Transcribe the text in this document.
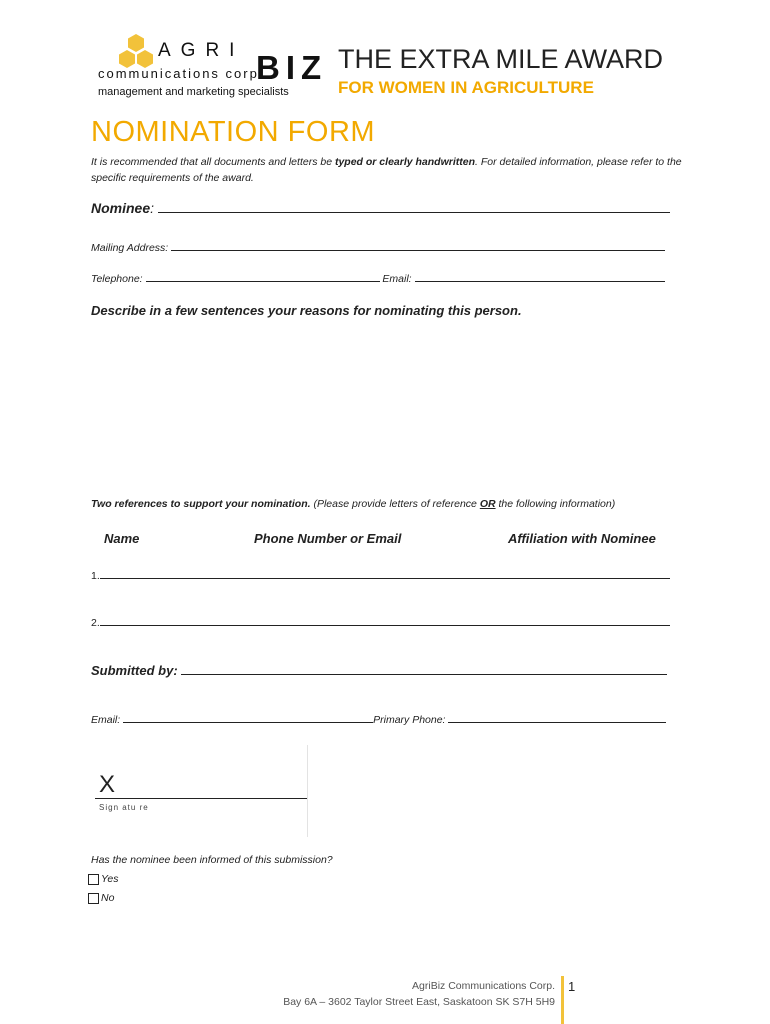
AGRI
communications corp
BIZ
management and marketing specialists
THE EXTRA MILE AWARD
FOR WOMEN IN AGRICULTURE
NOMINATION FORM
It is recommended that all documents and letters be typed or clearly handwritten. For detailed information, please refer to the specific requirements of the award.
Nominee:
Mailing Address:
Telephone:	Email:
Describe in a few sentences your reasons for nominating this person.
Two references to support your nomination. (Please provide letters of reference OR the following information)
Name	Phone Number or Email	Affiliation with Nominee
1.
2.
Submitted by:
Email:	Primary Phone:
X
Sign atu re
Has the nominee been informed of this submission?
Yes
No
AgriBiz Communications Corp.
Bay 6A – 3602 Taylor Street East, Saskatoon SK S7H 5H9
1
